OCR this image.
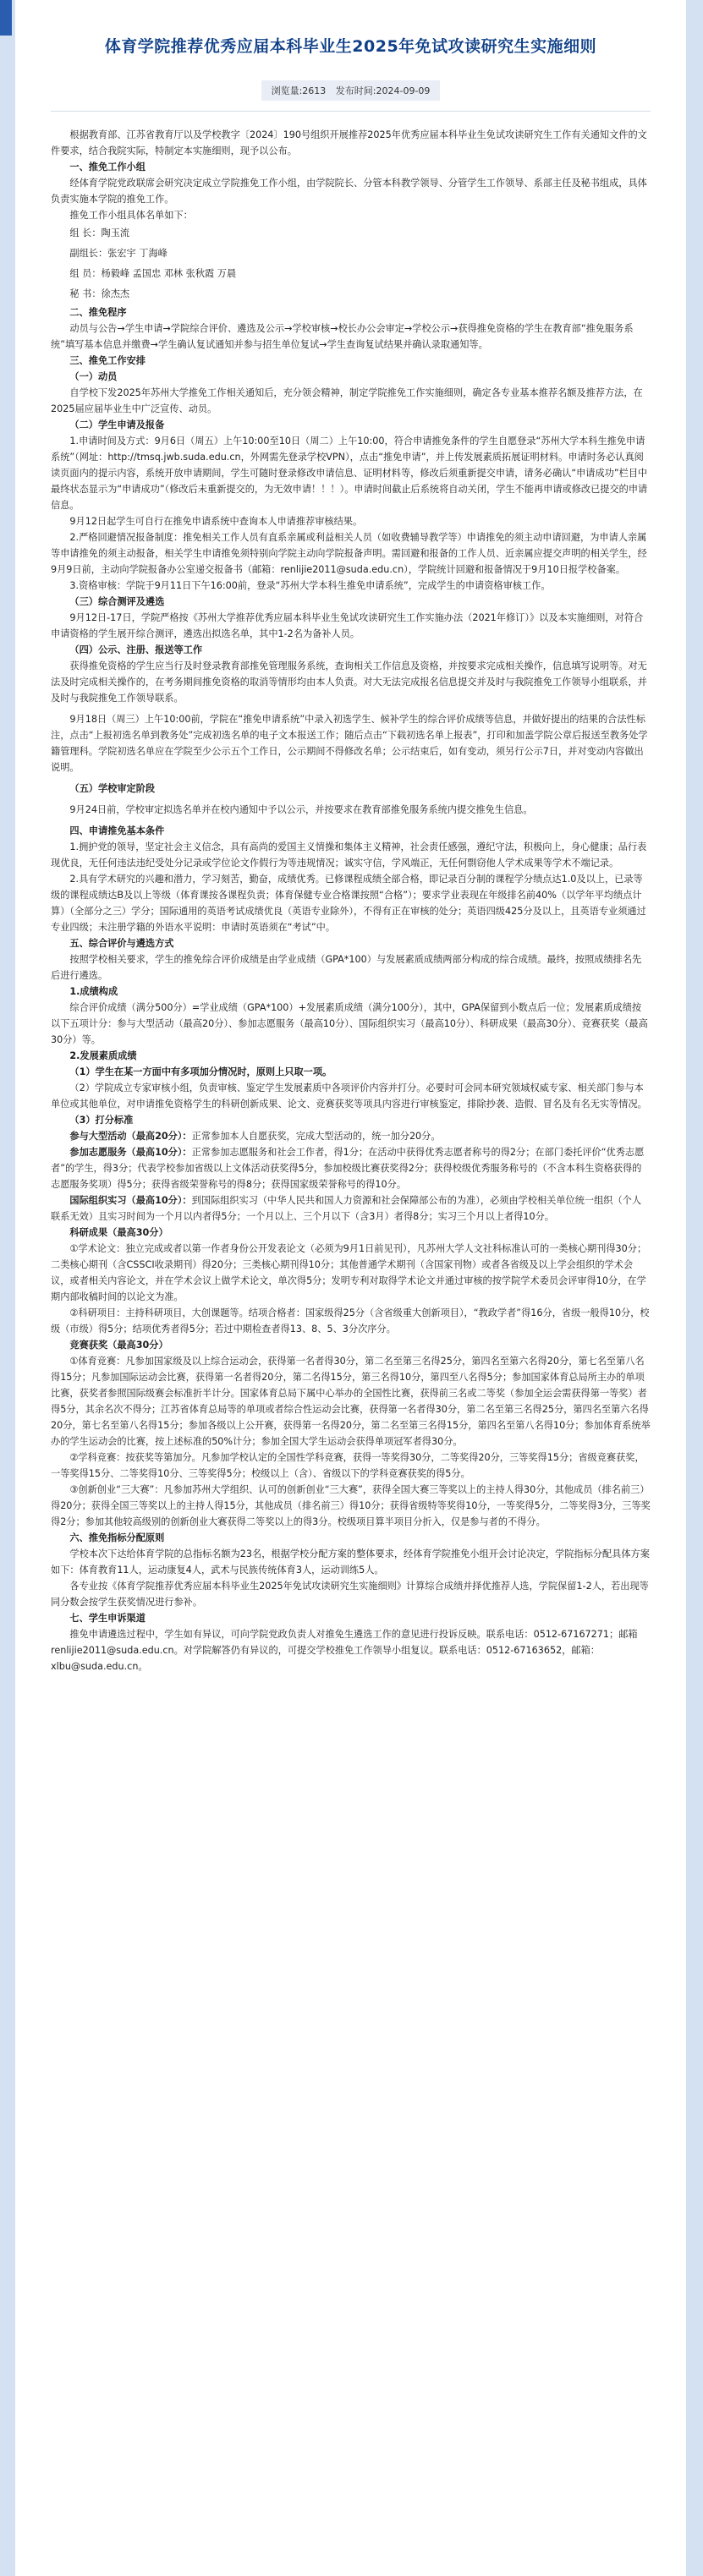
体育学院推荐优秀应届本科毕业生2025年免试攻读研究生实施细则
浏览量:2613 发布时间:2024-09-09

根据教育部、江苏省教育厅以及学校教字〔2024〕190号组织开展推荐2025年优秀应届本科毕业生免试攻读研究生工作有关通知文件的文件要求，结合我院实际，特制定本实施细则，现予以公布。

一、推免工作小组

经体育学院党政联席会研究决定成立学院推免工作小组，由学院院长、分管本科教学领导、分管学生工作领导、系部主任及秘书组成，具体负责实施本学院的推免工作。

推免工作小组具体名单如下：

组 长：陶玉流

副组长：张宏宇 丁海峰

组 员：杨毅峰 孟国忠 邓林 张秋霞 万晨

秘 书：徐杰杰

二、推免程序

动员与公告→学生申请→学院综合评价、遴选及公示→学校审核→校长办公会审定→学校公示→获得推免资格的学生在教育部“推免服务系统”填写基本信息并缴费→学生确认复试通知并参与招生单位复试→学生查询复试结果并确认录取通知等。

三、推免工作安排

（一）动员

自学校下发2025年苏州大学推免工作相关通知后，充分领会精神，制定学院推免工作实施细则，确定各专业基本推荐名额及推荐方法，在2025届应届毕业生中广泛宣传、动员。

（二）学生申请及报备

1.申请时间及方式：9月6日（周五）上午10:00至10日（周二）上午10:00，符合申请推免条件的学生自愿登录“苏州大学本科生推免申请系统”（网址：http://tmsq.jwb.suda.edu.cn，外网需先登录学校VPN），点击“推免申请”，并上传发展素质拓展证明材料。申请时务必认真阅读页面内的提示内容，系统开放申请期间，学生可随时登录修改申请信息、证明材料等，修改后须重新提交申请，请务必确认“申请成功”栏目中最终状态显示为“申请成功”（修改后未重新提交的，为无效申请！！！）。申请时间截止后系统将自动关闭，学生不能再申请或修改已提交的申请信息。

9月12日起学生可自行在推免申请系统中查询本人申请推荐审核结果。

2.严格回避情况报备制度：推免相关工作人员有直系亲属或利益相关人员（如收费辅导教学等）申请推免的须主动申请回避，为申请人亲属等申请推免的须主动报备，相关学生申请推免须特别向学院主动向学院报备声明。需回避和报备的工作人员、近亲属应提交声明的相关学生，经9月9日前，主动向学院报备办公室递交报备书（邮箱：renlijie2011@suda.edu.cn），学院统计回避和报备情况于9月10日报学校备案。

3.资格审核：学院于9月11日下午16:00前，登录“苏州大学本科生推免申请系统”，完成学生的申请资格审核工作。

（三）综合测评及遴选

9月12日-17日，学院严格按《苏州大学推荐优秀应届本科毕业生免试攻读研究生工作实施办法（2021年修订）》以及本实施细则，对符合申请资格的学生展开综合测评，遴选出拟选名单，其中1-2名为备补人员。

（四）公示、注册、报送等工作

获得推免资格的学生应当行及时登录教育部推免管理服务系统，查询相关工作信息及资格，并按要求完成相关操作，信息填写说明等。对无法及时完成相关操作的，在考务期间推免资格的取消等情形均由本人负责。对大无法完成报名信息提交并及时与我院推免工作领导小组联系，并及时与我院推免工作领导联系。

9月18日（周三）上午10:00前，学院在“推免申请系统”中录入初选学生、候补学生的综合评价成绩等信息，并做好提出的结果的合法性标注，点击“上报初选名单到教务处”完成初选名单的电子文本报送工作；随后点击“下载初选名单上报表”，打印和加盖学院公章后报送至教务处学籍管理科。学院初选名单应在学院至少公示五个工作日，公示期间不得修改名单；公示结束后，如有变动，须另行公示7日，并对变动内容做出说明。

（五）学校审定阶段

9月24日前，学校审定拟选名单并在校内通知中予以公示，并按要求在教育部推免服务系统内提交推免生信息。

四、申请推免基本条件

1.拥护党的领导，坚定社会主义信念，具有高尚的爱国主义情操和集体主义精神，社会责任感强，遵纪守法，积极向上，身心健康；品行表现优良，无任何违法违纪受处分记录或学位论文作假行为等违规情况；诚实守信，学风端正，无任何剽窃他人学术成果等学术不端记录。

2.具有学术研究的兴趣和潜力，学习刻苦，勤奋，成绩优秀。已修课程成绩全部合格，即记录百分制的课程学分绩点达1.0及以上，已录等级的课程成绩达B及以上等级（体育课按各课程负责；体育保健专业合格课按照“合格”）；要求学业表现在年级排名前40%（以学年平均绩点计算）（全部分之三）学分；国际通用的英语考试成绩优良（英语专业除外），不得有正在审核的处分；英语四级425分及以上，且英语专业须通过专业四级；未注册学籍的外语水平说明：申请时英语须在“考试”中。

五、综合评价与遴选方式

按照学校相关要求，学生的推免综合评价成绩是由学业成绩（GPA*100）与发展素质成绩两部分构成的综合成绩。最终，按照成绩排名先后进行遴选。

1.成绩构成

综合评价成绩（满分500分）=学业成绩（GPA*100）+发展素质成绩（满分100分），其中，GPA保留到小数点后一位；发展素质成绩按以下五项计分：参与大型活动（最高20分）、参加志愿服务（最高10分）、国际组织实习（最高10分）、科研成果（最高30分）、竞赛获奖（最高30分）等。

2.发展素质成绩

（1）学生在某一方面中有多项加分情况时，原则上只取一项。

（2）学院成立专家审核小组，负责审核、鉴定学生发展素质中各项评价内容并打分。必要时可会同本研究领域权威专家、相关部门参与本单位或其他单位，对申请推免资格学生的科研创新成果、论文、竞赛获奖等项具内容进行审核鉴定，排除抄袭、造假、冒名及有名无实等情况。

（3）打分标准

参与大型活动（最高20分）：正常参加本人自愿获奖，完成大型活动的，统一加分20分。

参加志愿服务（最高10分）：正常参加志愿服务和社会工作者，得1分；在活动中获得优秀志愿者称号的得2分；在部门委托评价“优秀志愿者”的学生，得3分；代表学校参加省级以上文体活动获奖得5分，参加校级比赛获奖得2分；获得校级优秀服务称号的（不含本科生资格获得的志愿服务奖项）得5分；获得省级荣誉称号的得8分；获得国家级荣誉称号的得10分。

国际组织实习（最高10分）：到国际组织实习（中华人民共和国人力资源和社会保障部公布的为准），必须由学校相关单位统一组织（个人联系无效）且实习时间为一个月以内者得5分；一个月以上、三个月以下（含3月）者得8分；实习三个月以上者得10分。

科研成果（最高30分）

①学术论文：独立完成或者以第一作者身份公开发表论文（必须为9月1日前见刊），凡苏州大学人文社科标准认可的一类核心期刊得30分；二类核心期刊（含CSSCI收录期刊）得20分；三类核心期刊得10分；其他普通学术期刊（含国家刊物）或者各省级及以上学会组织的学术会议，或者相关内容论文，并在学术会议上做学术论文，单次得5分；发明专利对取得学术论文并通过审核的按学院学术委员会评审得10分，在学期内部收稿时间的以论文为准。

②科研项目：主持科研项目，大创课题等。结项合格者：国家级得25分（含省级重大创新项目），“教政学者”得16分，省级一般得10分，校级（市级）得5分；结项优秀者得5分；若过中期检查者得13、8、5、3分次序分。

竞赛获奖（最高30分）

①体育竞赛：凡参加国家级及以上综合运动会，获得第一名者得30分，第二名至第三名得25分，第四名至第六名得20分，第七名至第八名得15分；凡参加国际运动会比赛，获得第一名者得20分，第二名得15分，第三名得10分，第四至八名得5分；参加国家体育总局所主办的单项比赛，获奖者参照国际级赛会标准折半计分。国家体育总局下属中心举办的全国性比赛，获得前三名或二等奖（参加全运会需获得第一等奖）者得5分，其余名次不得分；江苏省体育总局等的单项或者综合性运动会比赛，获得第一名者得30分，第二名至第三名得25分，第四名至第六名得20分，第七名至第八名得15分；参加各级以上公开赛，获得第一名得20分，第二名至第三名得15分，第四名至第八名得10分；参加体育系统举办的学生运动会的比赛，按上述标准的50%计分；参加全国大学生运动会获得单项冠军者得30分。

②学科竞赛：按获奖等第加分。凡参加学校认定的全国性学科竞赛，获得一等奖得30分，二等奖得20分，三等奖得15分；省级竞赛获奖，一等奖得15分、二等奖得10分、三等奖得5分；校级以上（含）、省级以下的学科竞赛获奖的得5分。

③创新创业“三大赛”：凡参加苏州大学组织、认可的创新创业“三大赛”，获得全国大赛三等奖以上的主持人得30分，其他成员（排名前三）得20分；获得全国三等奖以上的主持人得15分，其他成员（排名前三）得10分；获得省级特等奖得10分，一等奖得5分，二等奖得3分，三等奖得2分；参加其他较高级别的创新创业大赛获得二等奖以上的得3分。校级项目算半项目分折入，仅是参与者的不得分。

六、推免指标分配原则

学校本次下达给体育学院的总指标名额为23名，根据学校分配方案的整体要求，经体育学院推免小组开会讨论决定，学院指标分配具体方案如下：体育教育11人，运动康复4人，武术与民族传统体育3人，运动训练5人。

各专业按《体育学院推荐优秀应届本科毕业生2025年免试攻读研究生实施细则》计算综合成绩并择优推荐人选，学院保留1-2人，若出现等同分数会按学生获奖情况进行参补。

七、学生申诉渠道

推免申请遴选过程中，学生如有异议，可向学院党政负责人对推免生遴选工作的意见进行投诉反映。联系电话：0512-67167271；邮箱renlijie2011@suda.edu.cn。对学院解答仍有异议的，可提交学校推免工作领导小组复议。联系电话：0512-67163652，邮箱：xlbu@suda.edu.cn。
